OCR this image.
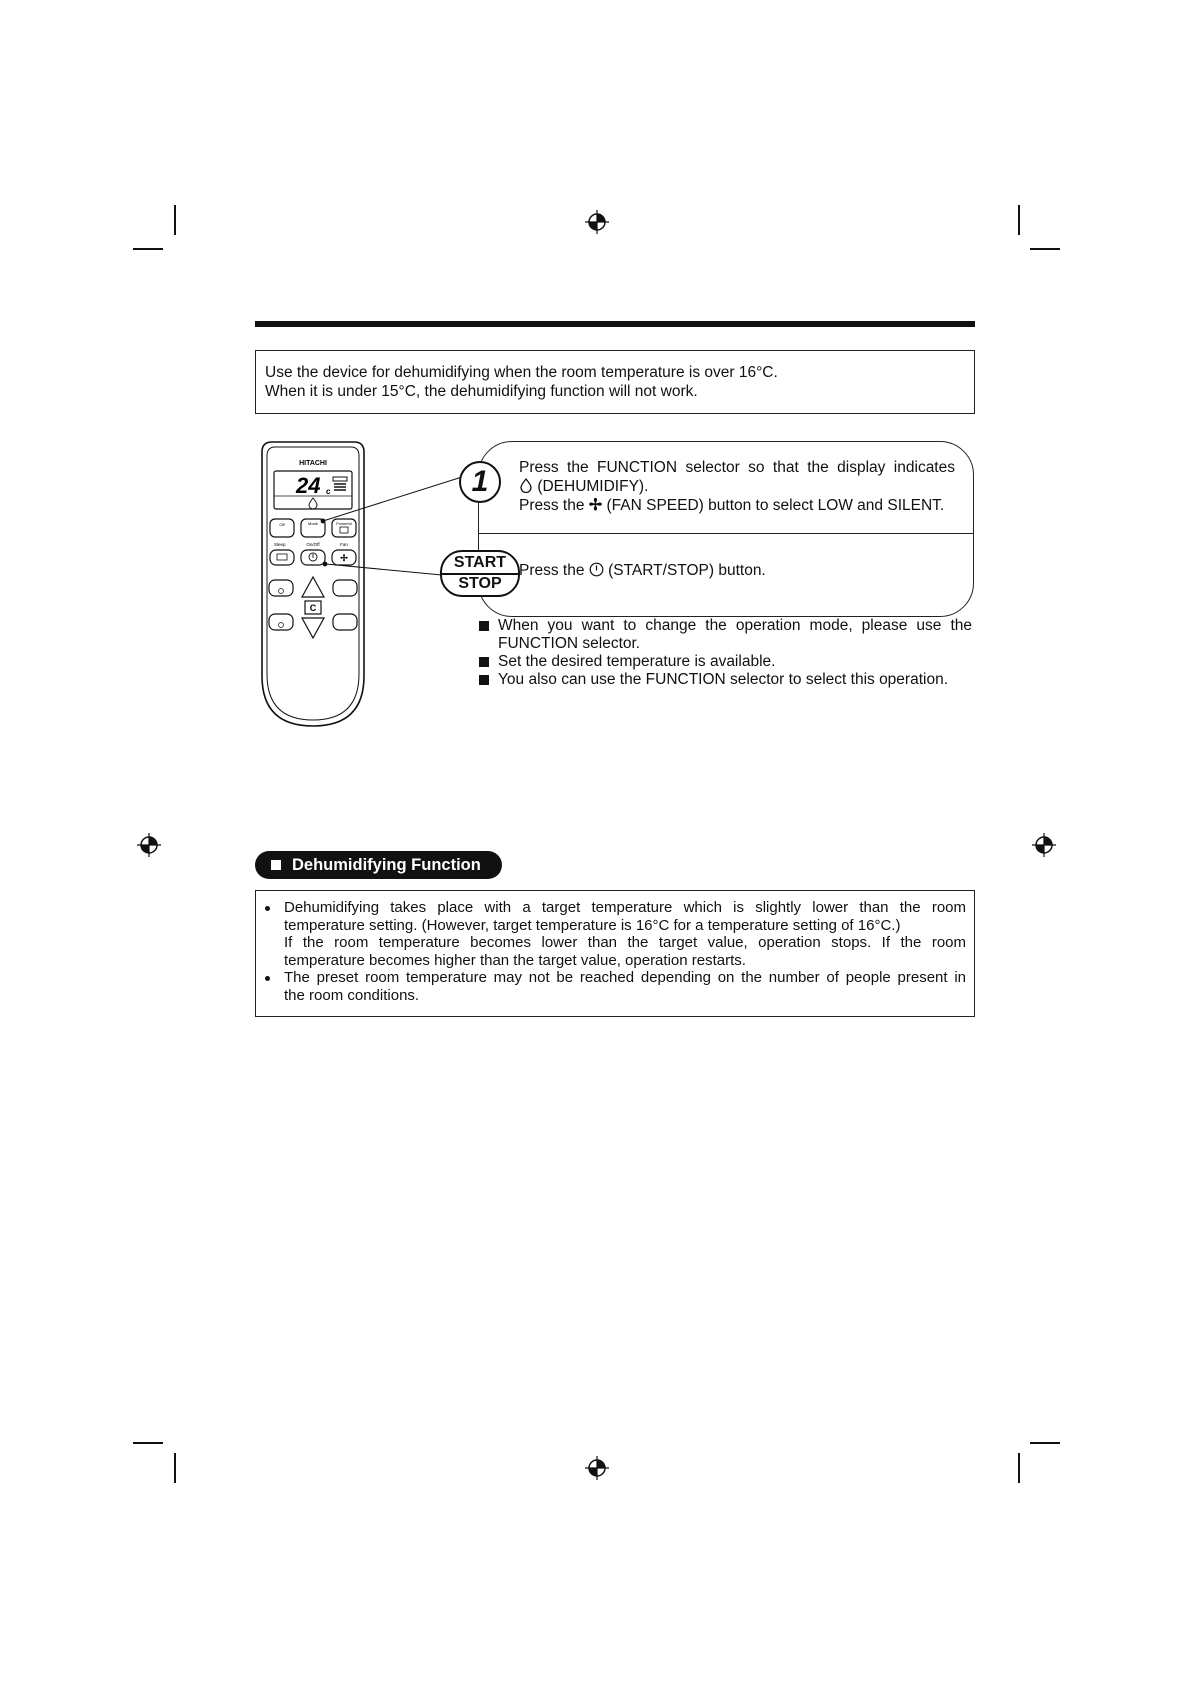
Use the device for dehumidifying when the room temperature is over 16°C.

When it is under 15°C, the dehumidifying function will not work.

HITACHI
24 c
Off	Mode	Powerful
Sleep	On/Off	Fan
✢
C
1	Press the FUNCTION selector so that the display indicates
(DEHUMIDIFY).
Press the ✢ (FAN SPEED) button to select LOW and SILENT.
START
STOP
Press the (START/STOP) button.
When you want to change the operation mode, please use the FUNCTION selector.
Set the desired temperature is available.
You also can use the FUNCTION selector to select this operation.
Dehumidifying Function
Dehumidifying takes place with a target temperature which is slightly lower than the room
temperature setting. (However, target temperature is 16°C for a temperature setting of 16°C.)
If the room temperature becomes lower than the target value, operation stops. If the room
temperature becomes higher than the target value, operation restarts.
The preset room temperature may not be reached depending on the number of people present in
the room conditions.
